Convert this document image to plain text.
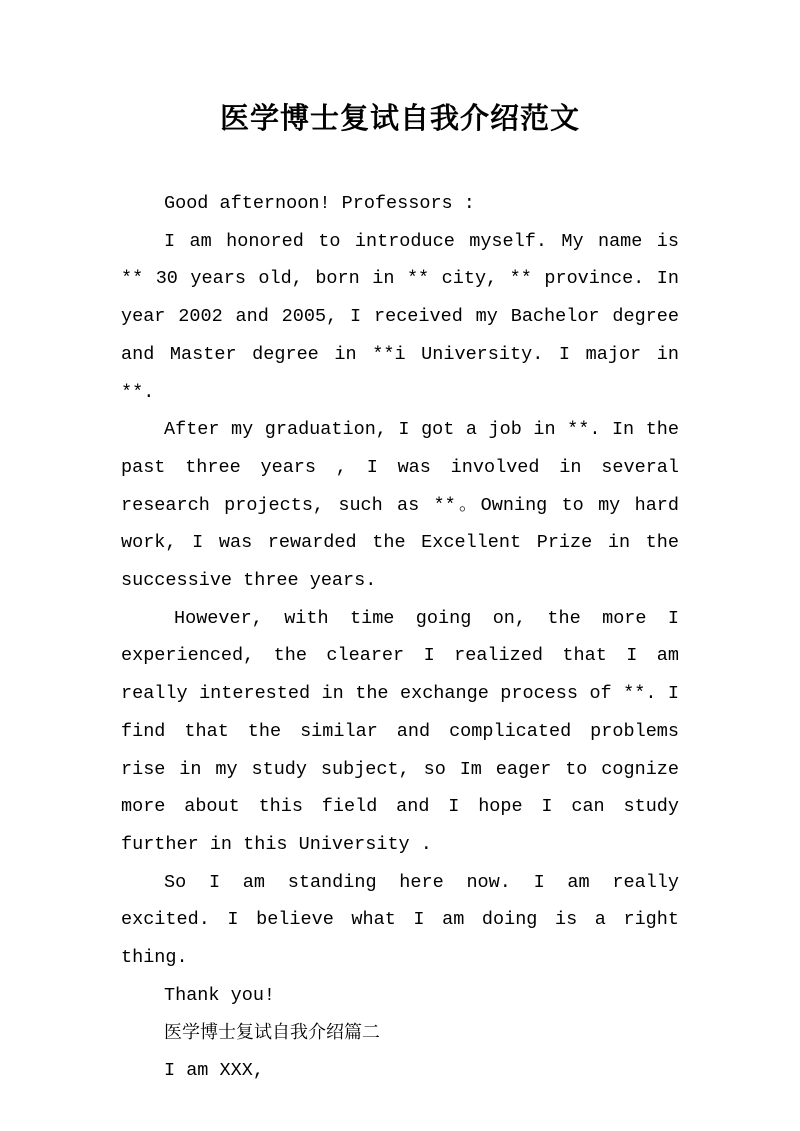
医学博士复试自我介绍范文

Good afternoon! Professors :

I am honored to introduce myself. My name is ** 30 years old, born in ** city, ** province. In year 2002 and 2005, I received my Bachelor degree and Master degree in **i University. I major in **.

After my graduation, I got a job in **. In the past three years , I was involved in several research projects, such as **。Owning to my hard work, I was rewarded the Excellent Prize in the successive three years.

However, with time going on, the more I experienced, the clearer I realized that I am really interested in the exchange process of **. I find that the similar and complicated problems rise in my study subject, so Im eager to cognize more about this field and I hope I can study further in this University .

So I am standing here now. I am really excited. I believe what I am doing is a right thing.

Thank you!

医学博士复试自我介绍篇二

I am XXX,
